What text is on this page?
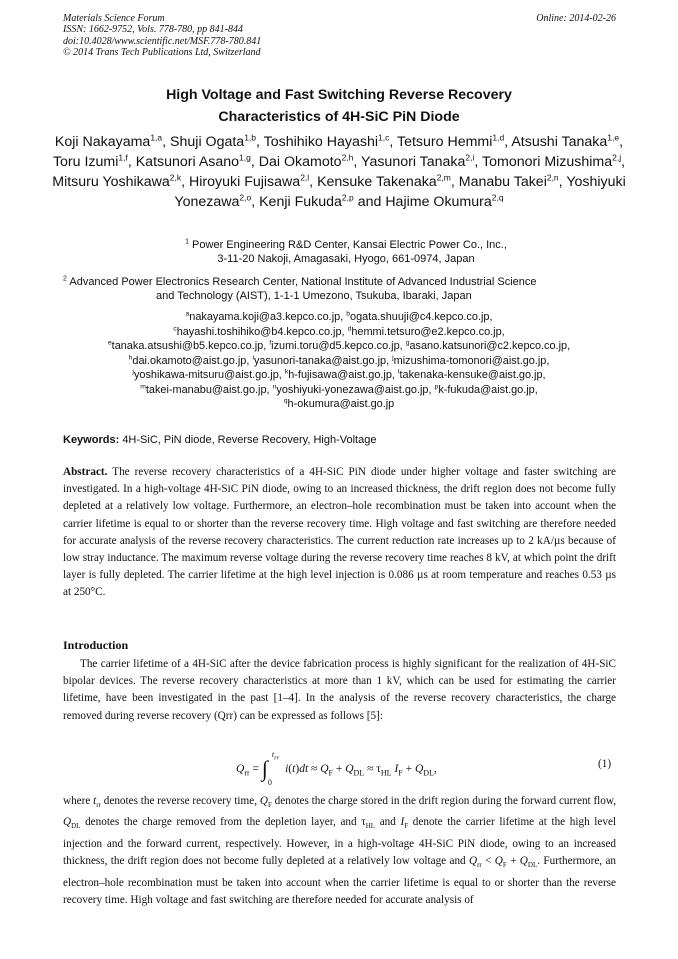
Materials Science Forum
ISSN: 1662-9752, Vols. 778-780, pp 841-844
doi:10.4028/www.scientific.net/MSF.778-780.841
© 2014 Trans Tech Publications Ltd, Switzerland
Online: 2014-02-26
High Voltage and Fast Switching Reverse Recovery
Characteristics of 4H-SiC PiN Diode
Koji Nakayama$^{1,a}$, Shuji Ogata$^{1,b}$, Toshihiko Hayashi$^{1,c}$, Tetsuro Hemmi$^{1,d}$, Atsushi Tanaka$^{1,e}$, Toru Izumi$^{1,f}$, Katsunori Asano$^{1,g}$, Dai Okamoto$^{2,h}$, Yasunori Tanaka$^{2,i}$, Tomonori Mizushima$^{2,j}$, Mitsuru Yoshikawa$^{2,k}$, Hiroyuki Fujisawa$^{2,l}$, Kensuke Takenaka$^{2,m}$, Manabu Takei$^{2,n}$, Yoshiyuki Yonezawa$^{2,o}$, Kenji Fukuda$^{2,p}$ and Hajime Okumura$^{2,q}$
$^1$ Power Engineering R&D Center, Kansai Electric Power Co., Inc.,
3-11-20 Nakoji, Amagasaki, Hyogo, 661-0974, Japan
$^2$ Advanced Power Electronics Research Center, National Institute of Advanced Industrial Science
and Technology (AIST), 1-1-1 Umezono, Tsukuba, Ibaraki, Japan
$^a$nakayama.koji@a3.kepco.co.jp, $^b$ogata.shuuji@c4.kepco.co.jp,
$^c$hayashi.toshihiko@b4.kepco.co.jp, $^d$hemmi.tetsuro@e2.kepco.co.jp,
$^e$tanaka.atsushi@b5.kepco.co.jp, $^f$izumi.toru@d5.kepco.co.jp, $^g$asano.katsunori@c2.kepco.co.jp,
$^h$dai.okamoto@aist.go.jp, $^i$yasunori-tanaka@aist.go.jp, $^j$mizushima-tomonori@aist.go.jp,
$^j$yoshikawa-mitsuru@aist.go.jp, $^k$h-fujisawa@aist.go.jp, $^l$takenaka-kensuke@aist.go.jp,
$^m$takei-manabu@aist.go.jp, $^n$yoshiyuki-yonezawa@aist.go.jp, $^p$k-fukuda@aist.go.jp,
$^q$h-okumura@aist.go.jp
Keywords: 4H-SiC, PiN diode, Reverse Recovery, High-Voltage
Abstract. The reverse recovery characteristics of a 4H-SiC PiN diode under higher voltage and faster switching are investigated. In a high-voltage 4H-SiC PiN diode, owing to an increased thickness, the drift region does not become fully depleted at a relatively low voltage. Furthermore, an electron–hole recombination must be taken into account when the carrier lifetime is equal to or shorter than the reverse recovery time. High voltage and fast switching are therefore needed for accurate analysis of the reverse recovery characteristics. The current reduction rate increases up to 2 kA/µs because of low stray inductance. The maximum reverse voltage during the reverse recovery time reaches 8 kV, at which point the drift layer is fully depleted. The carrier lifetime at the high level injection is 0.086 µs at room temperature and reaches 0.53 µs at 250°C.
Introduction
The carrier lifetime of a 4H-SiC after the device fabrication process is highly significant for the realization of 4H-SiC bipolar devices. The reverse recovery characteristics at more than 1 kV, which can be used for estimating the carrier lifetime, have been investigated in the past [1–4]. In the analysis of the reverse recovery characteristics, the charge removed during reverse recovery (Qrr) can be expressed as follows [5]:
$Q_{rr} = \int_0^{t_{rr}}$  $i(t)dt \approx Q_F + Q_{DL} \approx \tau_{HL}$ $I_F + Q_{DL}$,	(1)
where $t_{rr}$ denotes the reverse recovery time, $Q_F$ denotes the charge stored in the drift region during the forward current flow, $Q_{DL}$ denotes the charge removed from the depletion layer, and $\tau_{HL}$ and $I_F$ denote the carrier lifetime at the high level injection and the forward current, respectively. However, in a high-voltage 4H-SiC PiN diode, owing to an increased thickness, the drift region does not become fully depleted at a relatively low voltage and $Q_{rr} < Q_F + Q_{DL}$. Furthermore, an electron–hole recombination must be taken into account when the carrier lifetime is equal to or shorter than the reverse recovery time. High voltage and fast switching are therefore needed for accurate analysis of
